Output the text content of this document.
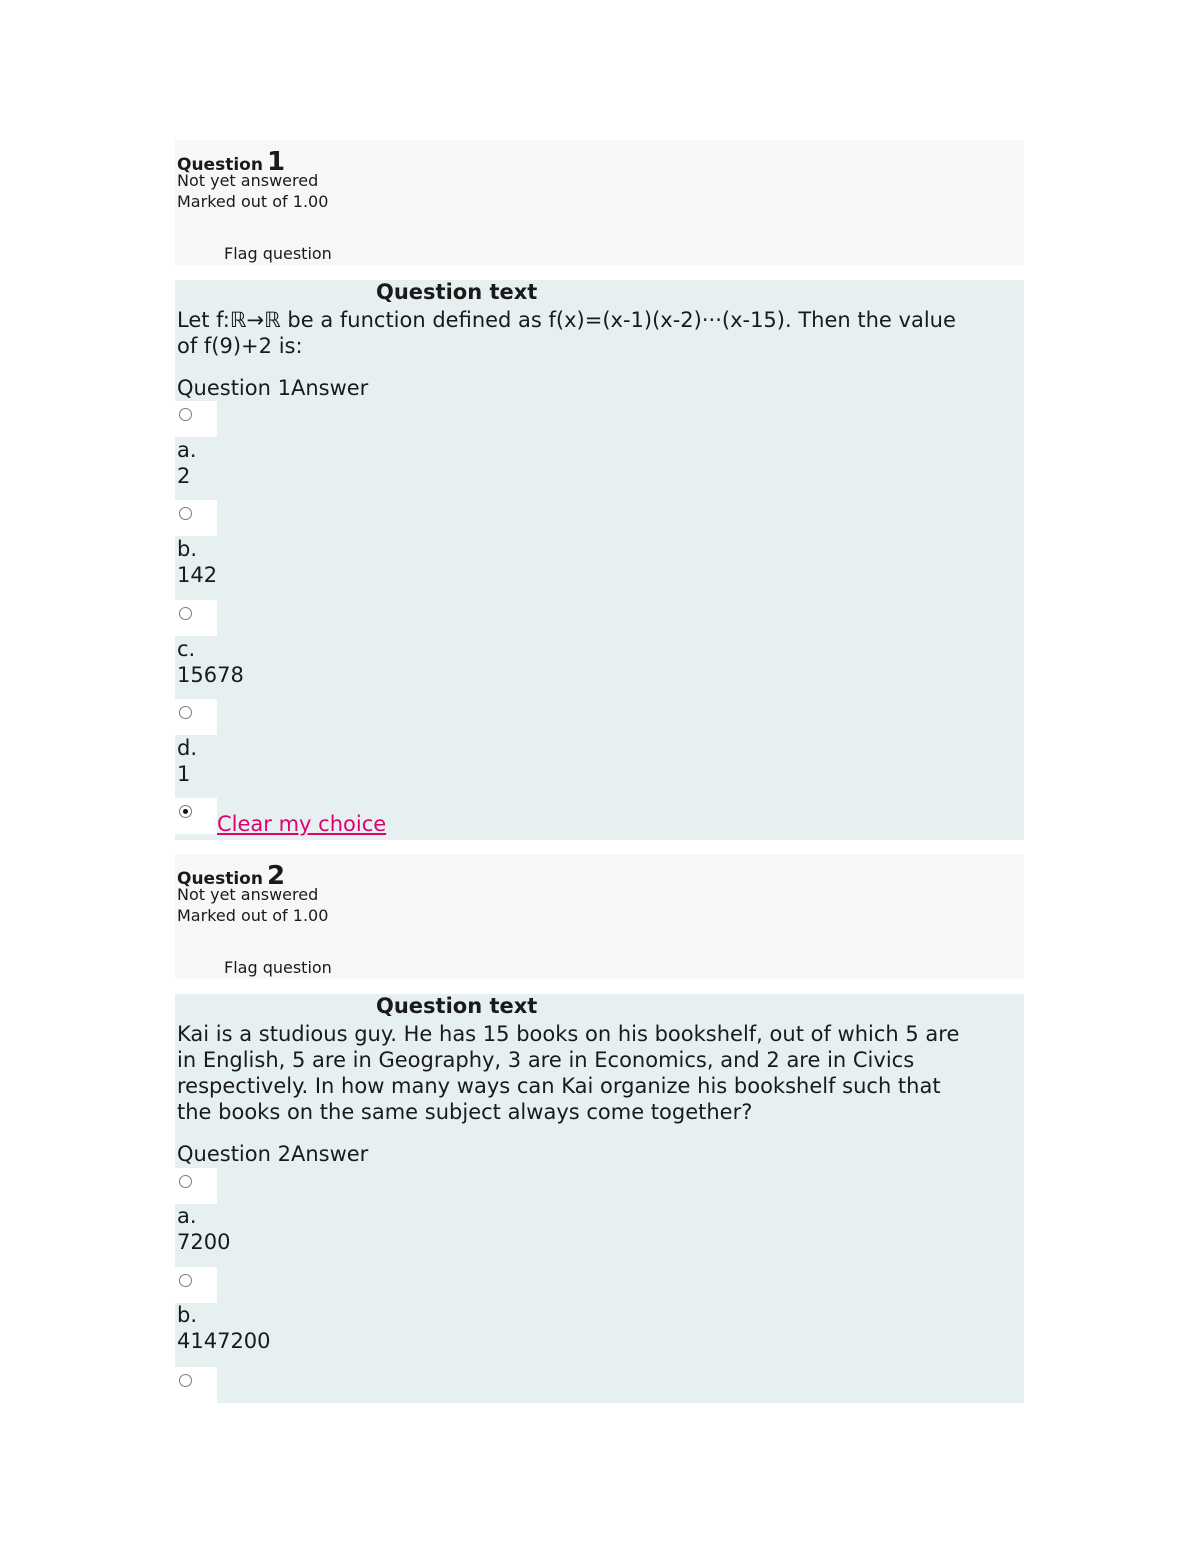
Question 1
Not yet answered
Marked out of 1.00
Flag question
Question text
Let f:ℝ→ℝ be a function defined as f(x)=(x-1)(x-2)···(x-15). Then the value
of f(9)+2 is:
Question 1Answer
a.
2
b.
142
c.
15678
d.
1
Clear my choice
Question 2
Not yet answered
Marked out of 1.00
Flag question
Question text
Kai is a studious guy. He has 15 books on his bookshelf, out of which 5 are
in English, 5 are in Geography, 3 are in Economics, and 2 are in Civics
respectively. In how many ways can Kai organize his bookshelf such that
the books on the same subject always come together?
Question 2Answer
a.
7200
b.
4147200
